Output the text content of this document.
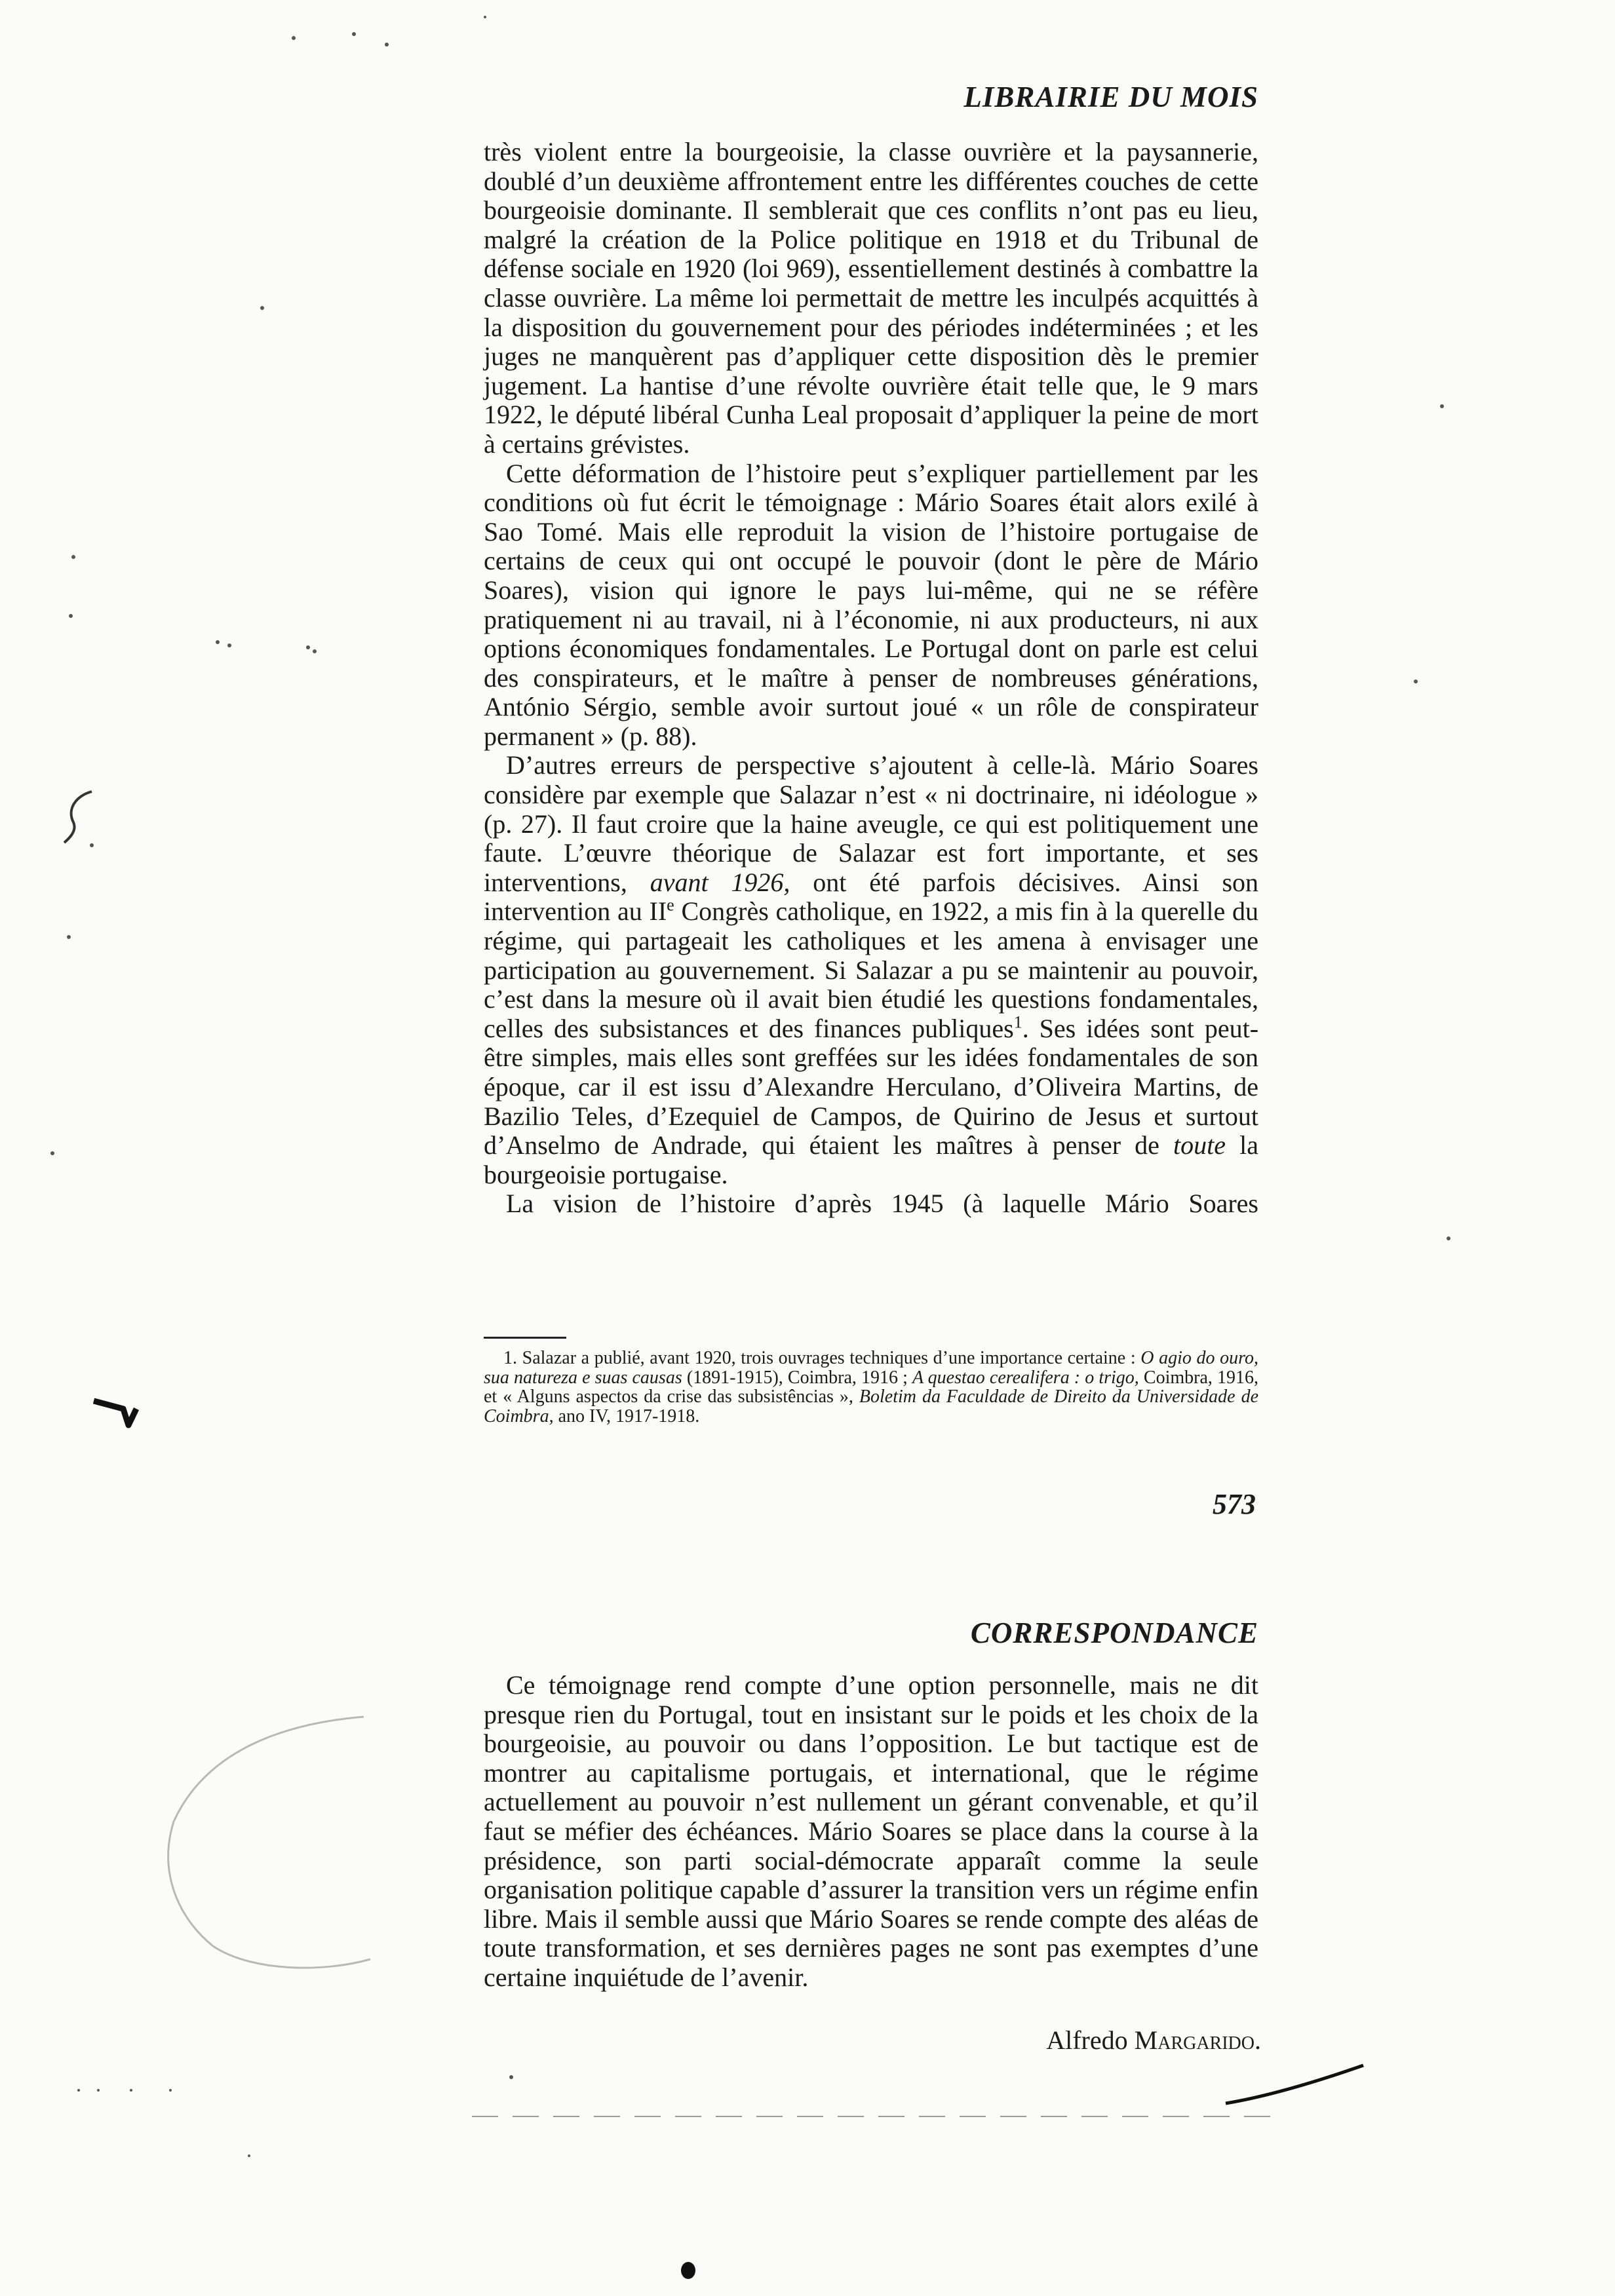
LIBRAIRIE DU MOIS

très violent entre la bourgeoisie, la classe ouvrière et la paysannerie, doublé d’un deuxième affrontement entre les différentes couches de cette bourgeoisie dominante. Il semblerait que ces conflits n’ont pas eu lieu, malgré la création de la Police politique en 1918 et du Tribunal de défense sociale en 1920 (loi 969), essentiellement destinés à combattre la classe ouvrière. La même loi permettait de mettre les inculpés acquittés à la disposition du gouvernement pour des périodes indéterminées ; et les juges ne manquèrent pas d’appliquer cette disposition dès le premier jugement. La hantise d’une révolte ouvrière était telle que, le 9 mars 1922, le député libéral Cunha Leal proposait d’appliquer la peine de mort à certains grévistes.

Cette déformation de l’histoire peut s’expliquer partiellement par les conditions où fut écrit le témoignage : Mário Soares était alors exilé à Sao Tomé. Mais elle reproduit la vision de l’histoire portugaise de certains de ceux qui ont occupé le pouvoir (dont le père de Mário Soares), vision qui ignore le pays lui-même, qui ne se réfère pratiquement ni au travail, ni à l’économie, ni aux producteurs, ni aux options économiques fondamentales. Le Portugal dont on parle est celui des conspirateurs, et le maître à penser de nombreuses générations, António Sérgio, semble avoir surtout joué « un rôle de conspirateur permanent » (p. 88).

D’autres erreurs de perspective s’ajoutent à celle-là. Mário Soares considère par exemple que Salazar n’est « ni doctrinaire, ni idéologue » (p. 27). Il faut croire que la haine aveugle, ce qui est politiquement une faute. L’œuvre théorique de Salazar est fort importante, et ses interventions, avant 1926, ont été parfois décisives. Ainsi son intervention au IIe Congrès catholique, en 1922, a mis fin à la querelle du régime, qui partageait les catholiques et les amena à envisager une participation au gouvernement. Si Salazar a pu se maintenir au pouvoir, c’est dans la mesure où il avait bien étudié les questions fondamentales, celles des subsistances et des finances publiques$^1$. Ses idées sont peut-être simples, mais elles sont greffées sur les idées fondamentales de son époque, car il est issu d’Alexandre Herculano, d’Oliveira Martins, de Bazilio Teles, d’Ezequiel de Campos, de Quirino de Jesus et surtout d’Anselmo de Andrade, qui étaient les maîtres à penser de toute la bourgeoisie portugaise.

La vision de l’histoire d’après 1945 (à laquelle Mário Soares

1. Salazar a publié, avant 1920, trois ouvrages techniques d’une importance certaine : O agio do ouro, sua natureza e suas causas (1891-1915), Coimbra, 1916 ; A questao cerealifera : o trigo, Coimbra, 1916, et « Alguns aspectos da crise das subsistências », Boletim da Faculdade de Direito da Universidade de Coimbra, ano IV, 1917-1918.

573
CORRESPONDANCE

Ce témoignage rend compte d’une option personnelle, mais ne dit presque rien du Portugal, tout en insistant sur le poids et les choix de la bourgeoisie, au pouvoir ou dans l’opposition. Le but tactique est de montrer au capitalisme portugais, et international, que le régime actuellement au pouvoir n’est nullement un gérant convenable, et qu’il faut se méfier des échéances. Mário Soares se place dans la course à la présidence, son parti social-démocrate apparaît comme la seule organisation politique capable d’assurer la transition vers un régime enfin libre. Mais il semble aussi que Mário Soares se rende compte des aléas de toute transformation, et ses dernières pages ne sont pas exemptes d’une certaine inquiétude de l’avenir.

Alfredo Margarido.
